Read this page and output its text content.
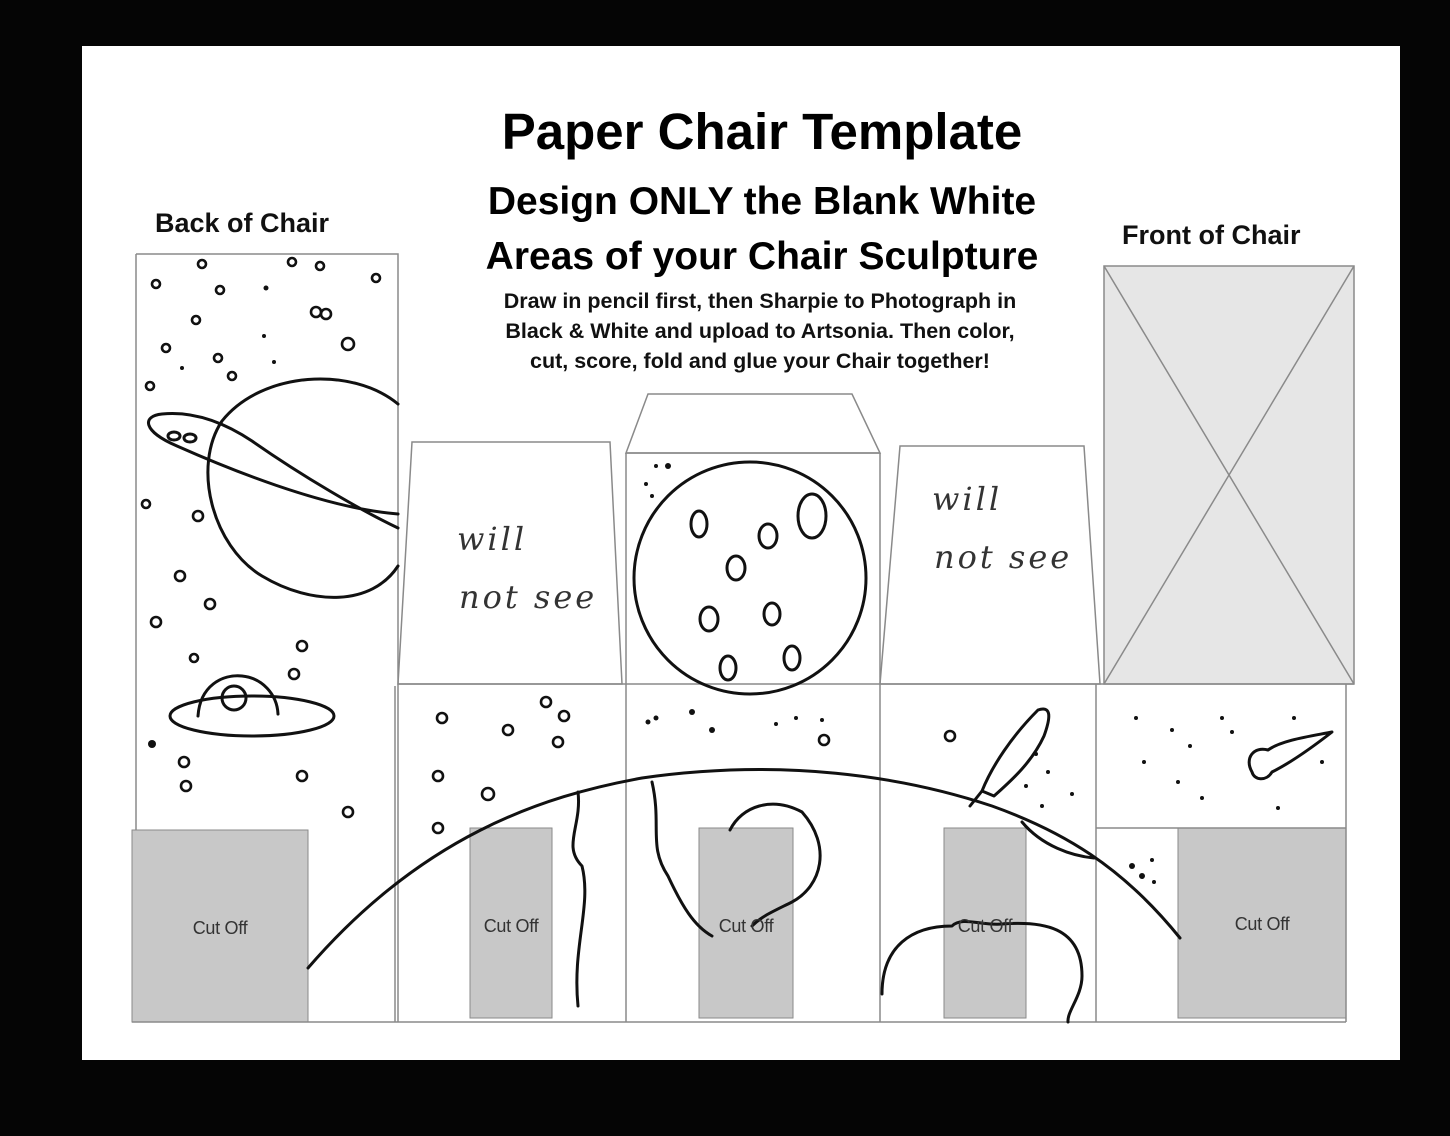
Paper Chair Template
Design ONLY the Blank White
Areas of your Chair Sculpture
Draw in pencil first, then Sharpie to Photograph in
Black & White and upload to Artsonia. Then color,
cut, score, fold and glue your Chair together!
Back of Chair	Front of Chair
will
not see
will
not see
Cut Off	Cut Off	Cut Off	Cut Off	Cut Off
